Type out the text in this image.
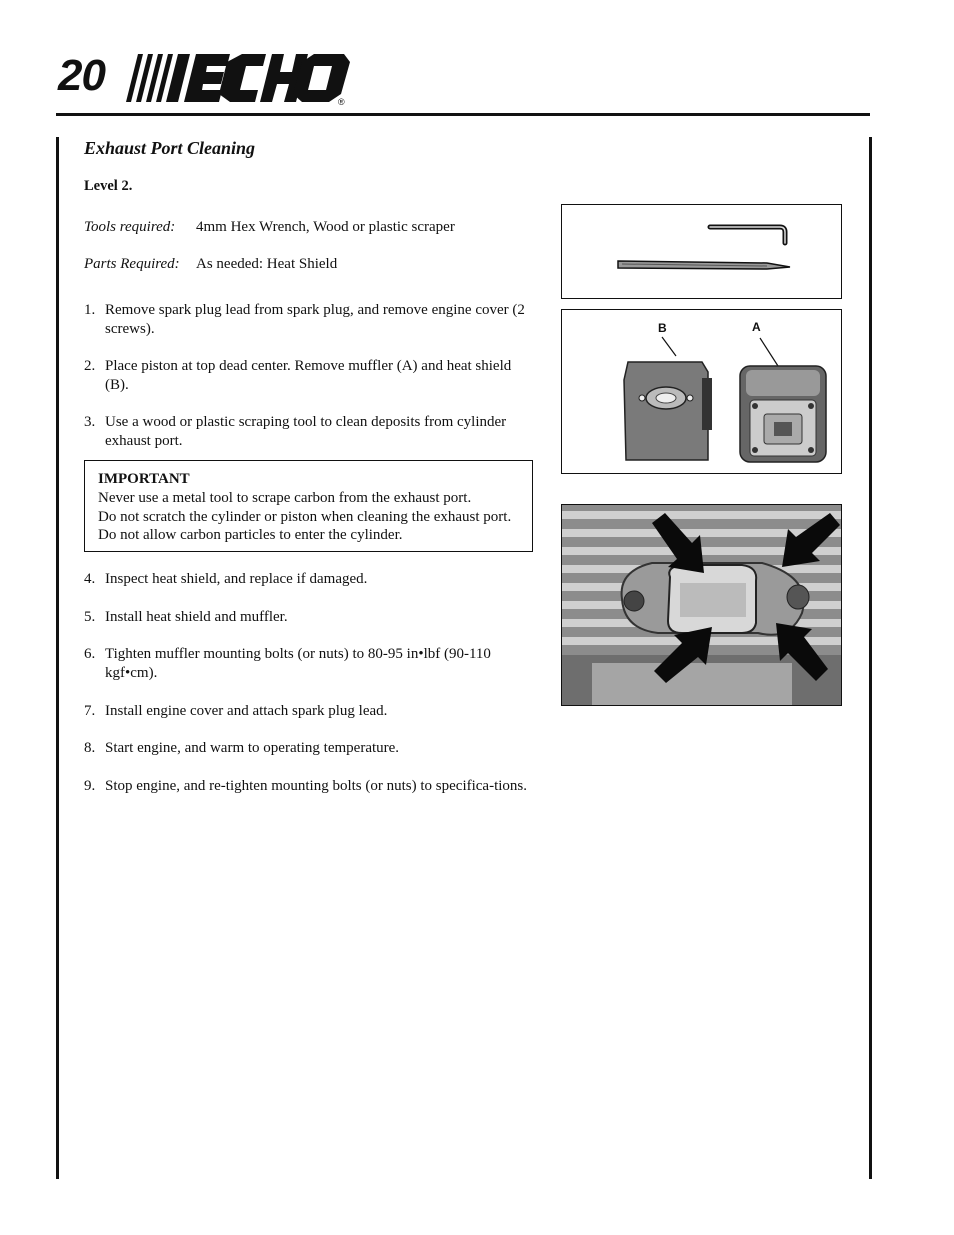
20
®
Exhaust Port Cleaning
Level 2.
Tools required: 4mm Hex Wrench, Wood or plastic scraper
Parts Required: As needed: Heat Shield
1. Remove spark plug lead from spark plug, and remove engine cover (2 screws).
2. Place piston at top dead center. Remove muffler (A) and heat shield (B).
3. Use a wood or plastic scraping tool to clean deposits from cylinder exhaust port.
IMPORTANT
Never use a metal tool to scrape carbon from the exhaust port.
Do not scratch the cylinder or piston when cleaning the exhaust port. Do not allow carbon particles to enter the cylinder.
4. Inspect heat shield, and replace if damaged.
5. Install heat shield and muffler.
6. Tighten muffler mounting bolts (or nuts) to 80-95 in•lbf (90-110 kgf•cm).
7. Install engine cover and attach spark plug lead.
8. Start engine, and warm to operating temperature.
9. Stop engine, and re-tighten mounting bolts (or nuts) to specifica-tions.
B	A
